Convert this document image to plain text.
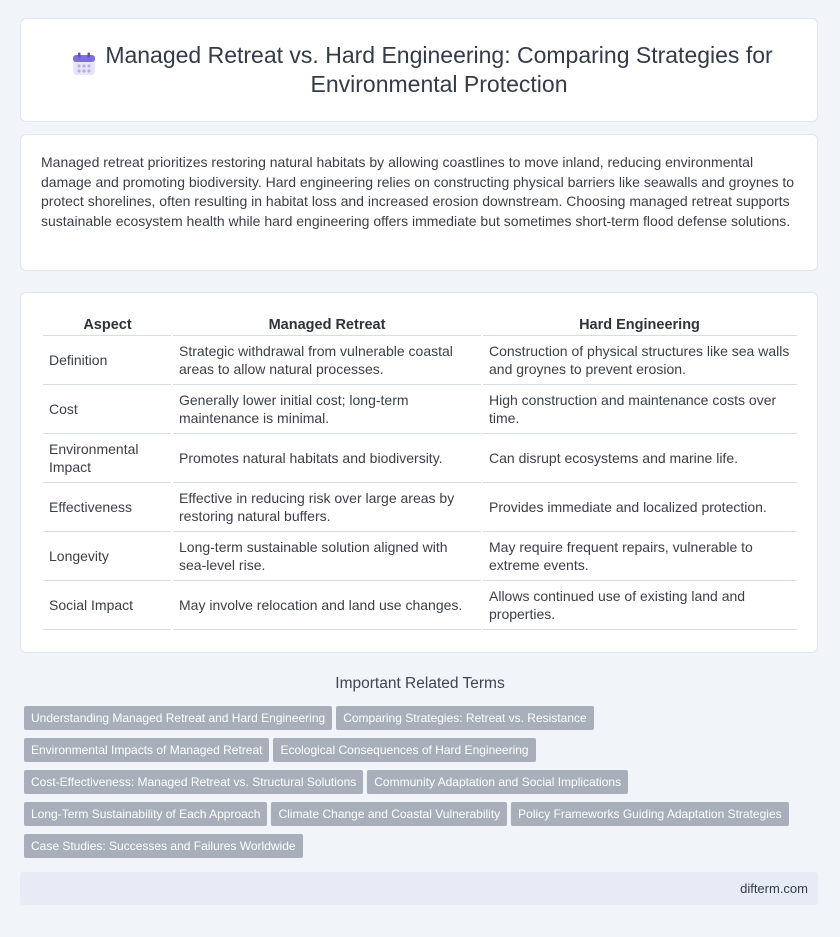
Managed Retreat vs. Hard Engineering: Comparing Strategies for Environmental Protection

Managed retreat prioritizes restoring natural habitats by allowing coastlines to move inland, reducing environmental damage and promoting biodiversity. Hard engineering relies on constructing physical barriers like seawalls and groynes to protect shorelines, often resulting in habitat loss and increased erosion downstream. Choosing managed retreat supports sustainable ecosystem health while hard engineering offers immediate but sometimes short-term flood defense solutions.

Aspect	Managed Retreat	Hard Engineering
Definition	Strategic withdrawal from vulnerable coastal areas to allow natural processes.	Construction of physical structures like sea walls and groynes to prevent erosion.
Cost	Generally lower initial cost; long-term maintenance is minimal.	High construction and maintenance costs over time.
Environmental Impact	Promotes natural habitats and biodiversity.	Can disrupt ecosystems and marine life.
Effectiveness	Effective in reducing risk over large areas by restoring natural buffers.	Provides immediate and localized protection.
Longevity	Long-term sustainable solution aligned with sea-level rise.	May require frequent repairs, vulnerable to extreme events.
Social Impact	May involve relocation and land use changes.	Allows continued use of existing land and properties.
Important Related Terms
Understanding Managed Retreat and Hard Engineering Comparing Strategies: Retreat vs. Resistance
Environmental Impacts of Managed Retreat Ecological Consequences of Hard Engineering
Cost-Effectiveness: Managed Retreat vs. Structural Solutions Community Adaptation and Social Implications
Long-Term Sustainability of Each Approach Climate Change and Coastal Vulnerability Policy Frameworks Guiding Adaptation Strategies
Case Studies: Successes and Failures Worldwide
difterm.com
